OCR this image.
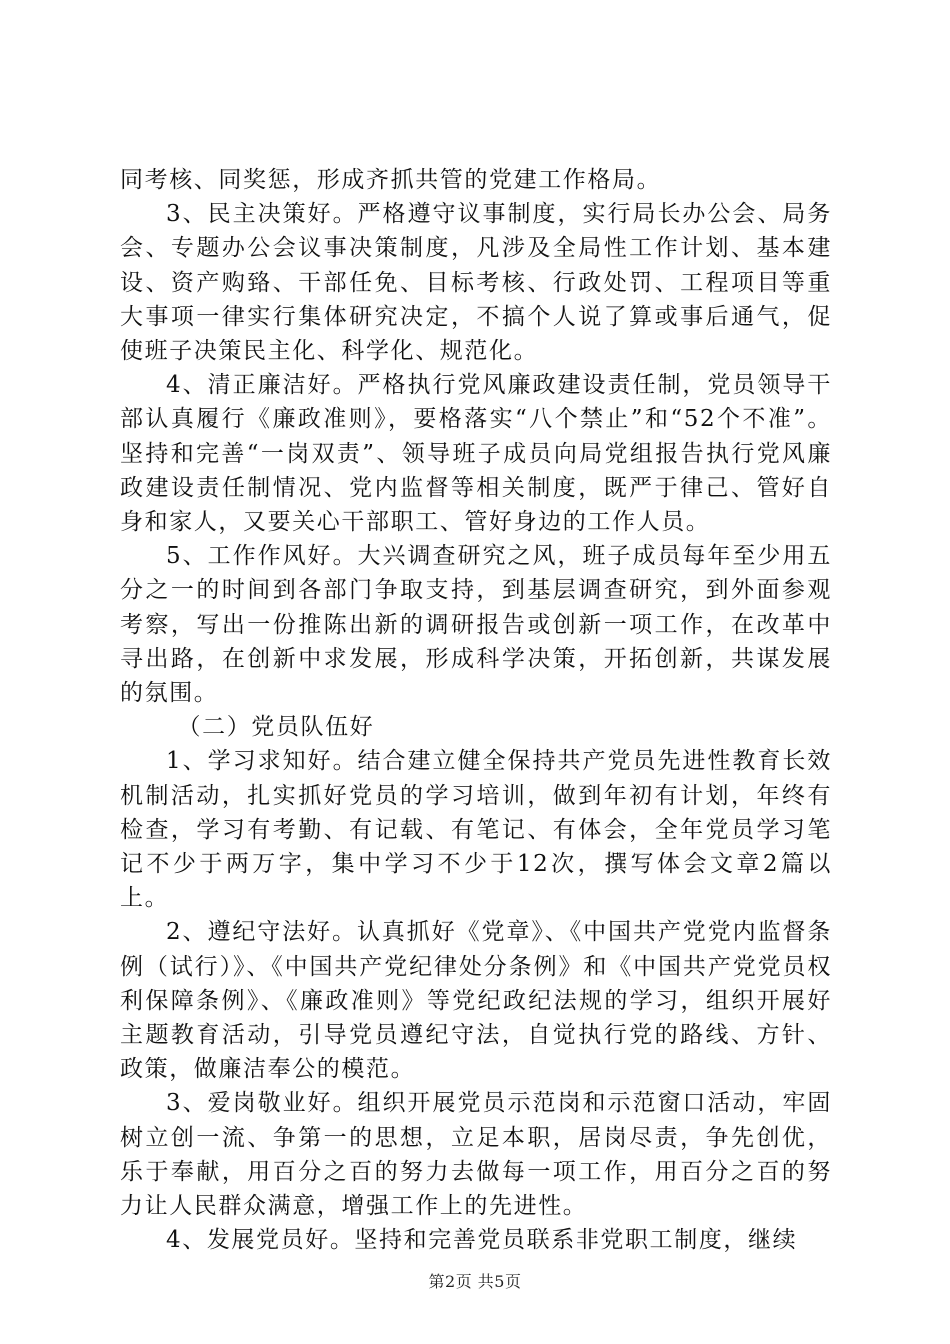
同考核、同奖惩，形成齐抓共管的党建工作格局。

3、民主决策好。严格遵守议事制度，实行局长办公会、局务会、专题办公会议事决策制度，凡涉及全局性工作计划、基本建设、资产购臵、干部任免、目标考核、行政处罚、工程项目等重大事项一律实行集体研究决定，不搞个人说了算或事后通气，促使班子决策民主化、科学化、规范化。

4、清正廉洁好。严格执行党风廉政建设责任制，党员领导干部认真履行《廉政准则》，要格落实“八个禁止”和“52个不准”。坚持和完善“一岗双责”、领导班子成员向局党组报告执行党风廉政建设责任制情况、党内监督等相关制度，既严于律己、管好自身和家人，又要关心干部职工、管好身边的工作人员。

5、工作作风好。大兴调查研究之风，班子成员每年至少用五分之一的时间到各部门争取支持，到基层调查研究，到外面参观考察，写出一份推陈出新的调研报告或创新一项工作，在改革中寻出路，在创新中求发展，形成科学决策，开拓创新，共谋发展的氛围。

（二）党员队伍好

1、学习求知好。结合建立健全保持共产党员先进性教育长效机制活动，扎实抓好党员的学习培训，做到年初有计划，年终有检查，学习有考勤、有记载、有笔记、有体会，全年党员学习笔记不少于两万字，集中学习不少于12次，撰写体会文章2篇以上。

2、遵纪守法好。认真抓好《党章》、《中国共产党党内监督条例（试行）》、《中国共产党纪律处分条例》和《中国共产党党员权利保障条例》、《廉政准则》等党纪政纪法规的学习，组织开展好主题教育活动，引导党员遵纪守法，自觉执行党的路线、方针、政策，做廉洁奉公的模范。

3、爱岗敬业好。组织开展党员示范岗和示范窗口活动，牢固树立创一流、争第一的思想，立足本职，居岗尽责，争先创优，乐于奉献，用百分之百的努力去做每一项工作，用百分之百的努力让人民群众满意，增强工作上的先进性。

4、发展党员好。坚持和完善党员联系非党职工制度，继续

第2页 共5页
